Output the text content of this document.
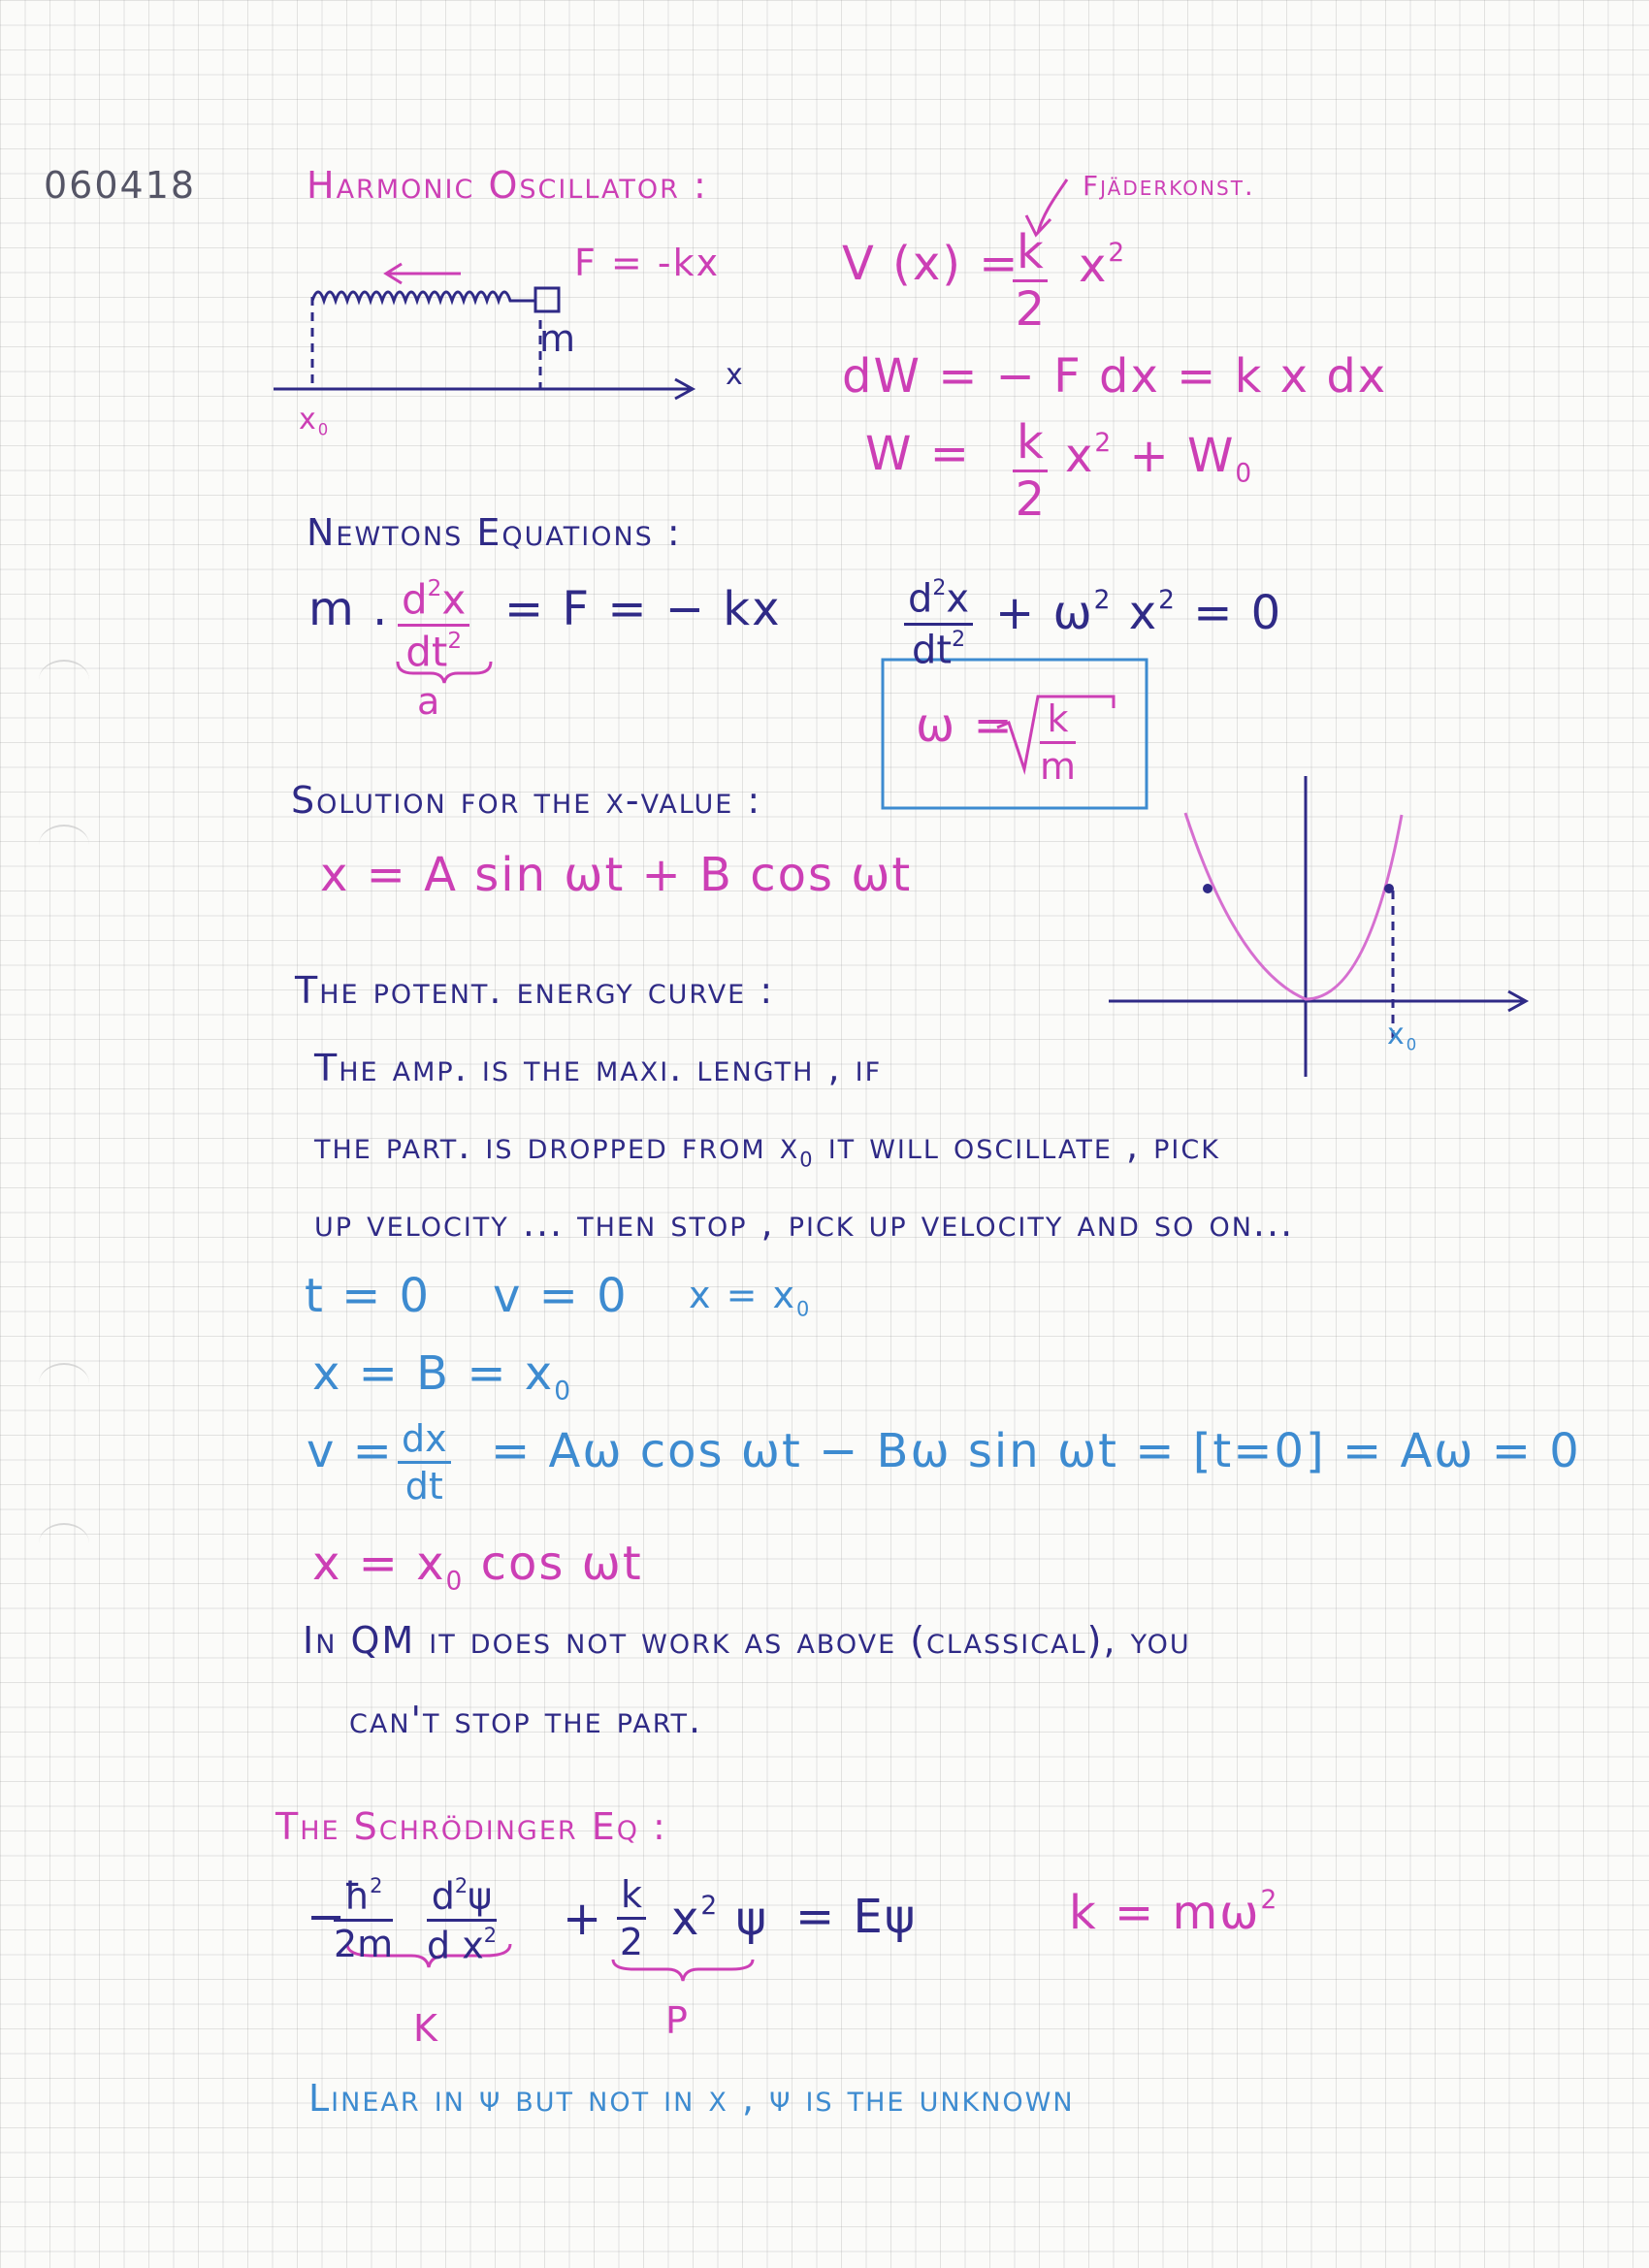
060418	Harmonic Oscillator :	Fjäderkonst.
F = -kx
m
x
$x_0$
V (x) =
$\frac{k}{2} x^2$
dW = − F dx = k x dx
$W = \frac{k}{2} x^2 + W_0$
Newtons Equations :
m . $\frac{d^2x}{dt^2} = F$ = − kx
a
$\frac{d^2x}{dt^2} + \omega^2$ $x^2 = 0$
$\omega = \frac{k}{m}$
Solution for the x-value :
x = A sin ωt + B cos ωt
The potent. energy curve :
$x_0$
The amp. is the maxi. length , if
the part. is dropped from $x_0$ it will oscillate , pick
up velocity ... then stop , pick up velocity and so on...
t = 0 v = 0 $x = x_0$
$x = B = x_0$
$v = \frac{dx}{dt} = A\omega$ cos ωt − Bω sin ωt = [t=0] = Aω = 0
$x = x_0$ cos ωt
In QM it does not work as above (classical), you
can't stop the part.
The Schrödinger Eq :
−
$\frac{ħ^2}{2m} \frac{d^2\psi}{d x^2} + \frac{k}{2} x^2$ ψ = Eψ
K	P
$k = m\omega^2$
Linear in ψ but not in x , ψ is the unknown
